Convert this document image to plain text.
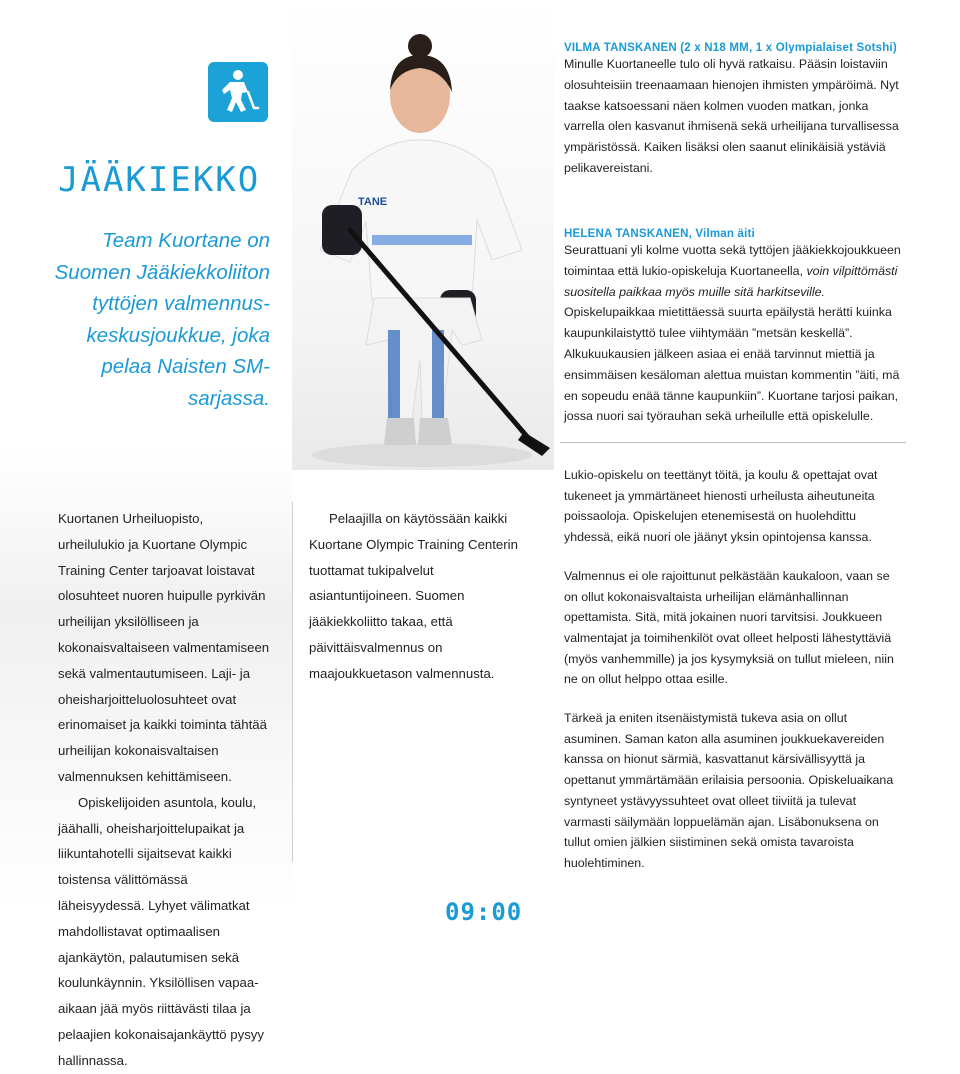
JÄÄKIEKKO
Team Kuortane on Suomen Jääkiekkoliiton tyttöjen valmennus-keskusjoukkue, joka pelaa Naisten SM-sarjassa.
TANE

Kuortanen Urheiluopisto, urheilulukio ja Kuortane Olympic Training Center tarjoavat loistavat olosuhteet nuoren huipulle pyrkivän urheilijan yksilölliseen ja kokonaisvaltaiseen valmentamiseen sekä valmentautumiseen. Laji- ja oheisharjoitteluolosuhteet ovat erinomaiset ja kaikki toiminta tähtää urheilijan kokonaisvaltaisen valmennuksen kehittämiseen.

Opiskelijoiden asuntola, koulu, jäähalli, oheisharjoittelupaikat ja liikuntahotelli sijaitsevat kaikki toistensa välittömässä läheisyydessä. Lyhyet välimatkat mahdollistavat optimaalisen ajankäytön, palautumisen sekä koulunkäynnin. Yksilöllisen vapaa-aikaan jää myös riittävästi tilaa ja pelaajien kokonaisajankäyttö pysyy hallinnassa.

Pelaajilla on käytössään kaikki Kuortane Olympic Training Centerin tuottamat tukipalvelut asiantuntijoineen. Suomen jääkiekkoliitto takaa, että päivittäisvalmennus on maajoukkuetason valmennusta.

VILMA TANSKANEN (2 x N18 MM, 1 x Olympialaiset Sotshi)
Minulle Kuortaneelle tulo oli hyvä ratkaisu. Pääsin loistaviin olosuhteisiin treenaamaan hienojen ihmisten ympäröimä. Nyt taakse katsoessani näen kolmen vuoden matkan, jonka varrella olen kasvanut ihmisenä sekä urheilijana turvallisessa ympäristössä. Kaiken lisäksi olen saanut elinikäisiä ystäviä pelikavereistani.
HELENA TANSKANEN, Vilman äiti
Seurattuani yli kolme vuotta sekä tyttöjen jääkiekkojoukkueen toimintaa että lukio-opiskeluja Kuortaneella, voin vilpittömästi suositella paikkaa myös muille sitä harkitseville. Opiskelupaikkaa mietittäessä suurta epäilystä herätti kuinka kaupunkilaistyttö tulee viihtymään ”metsän keskellä”. Alkukuukausien jälkeen asiaa ei enää tarvinnut miettiä ja ensimmäisen kesäloman alettua muistan kommentin ”äiti, mä en sopeudu enää tänne kaupunkiin”. Kuortane tarjosi paikan, jossa nuori sai työrauhan sekä urheilulle että opiskelulle.

Lukio-opiskelu on teettänyt töitä, ja koulu & opettajat ovat tukeneet ja ymmärtäneet hienosti urheilusta aiheutuneita poissaoloja. Opiskelujen etenemisestä on huolehdittu yhdessä, eikä nuori ole jäänyt yksin opintojensa kanssa.

Valmennus ei ole rajoittunut pelkästään kaukaloon, vaan se on ollut kokonaisvaltaista urheilijan elämänhallinnan opettamista. Sitä, mitä jokainen nuori tarvitsisi. Joukkueen valmentajat ja toimihenkilöt ovat olleet helposti lähestyttäviä (myös vanhemmille) ja jos kysymyksiä on tullut mieleen, niin ne on ollut helppo ottaa esille.

Tärkeä ja eniten itsenäistymistä tukeva asia on ollut asuminen. Saman katon alla asuminen joukkuekavereiden kanssa on hionut särmiä, kasvattanut kärsivällisyyttä ja opettanut ymmärtämään erilaisia persoonia. Opiskeluaikana syntyneet ystävyyssuhteet ovat olleet tiiviitä ja tulevat varmasti säilymään loppuelämän ajan. Lisäbonuksena on tullut omien jälkien siistiminen sekä omista tavaroista huolehtiminen.

09:00
